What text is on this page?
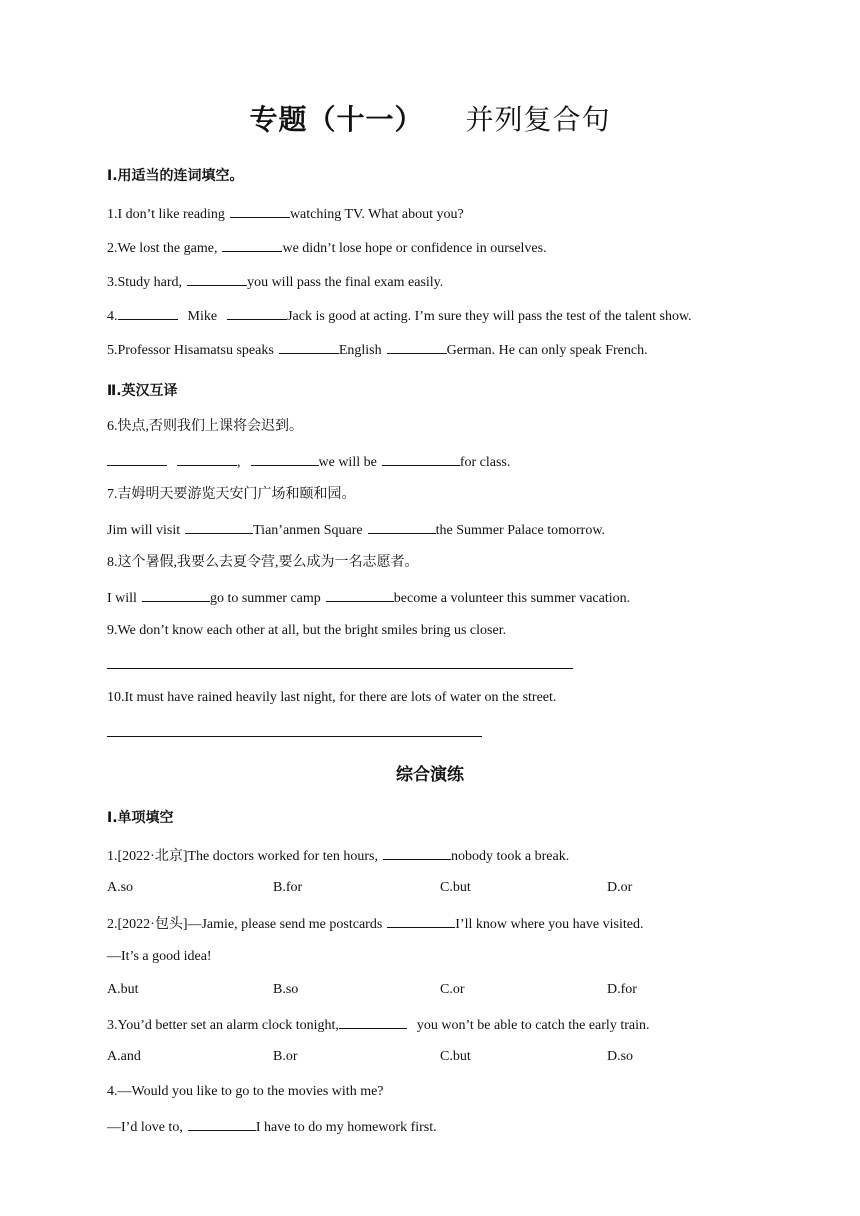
专题（十一） 并列复合句
Ⅰ.用适当的连词填空。
1.I don’t like reading	watching TV. What about you?
2.We lost the game,	we didn’t lose hope or confidence in ourselves.
3.Study hard,	you will pass the final exam easily.
4.	Mike	Jack is good at acting. I’m sure they will pass the test of the talent show.
5.Professor Hisamatsu speaks	English	German. He can only speak French.
Ⅱ.英汉互译
6.快点,否则我们上课将会迟到。
,	we will be	for class.
7.吉姆明天要游览天安门广场和颐和园。
Jim will visit	Tian’anmen Square	the Summer Palace tomorrow.
8.这个暑假,我要么去夏令营,要么成为一名志愿者。
I will	go to summer camp	become a volunteer this summer vacation.
9.We don’t know each other at all, but the bright smiles bring us closer.
10.It must have rained heavily last night, for there are lots of water on the street.
综合演练
Ⅰ.单项填空
1.[2022·北京]The doctors worked for ten hours,	nobody took a break.
A.so	B.for	C.but	D.or
2.[2022·包头]—Jamie, please send me postcards	I’ll know where you have visited.
—It’s a good idea!
A.but	B.so	C.or	D.for
3.You’d better set an alarm clock tonight,	you won’t be able to catch the early train.
A.and	B.or	C.but	D.so
4.—Would you like to go to the movies with me?
—I’d love to,	I have to do my homework first.
